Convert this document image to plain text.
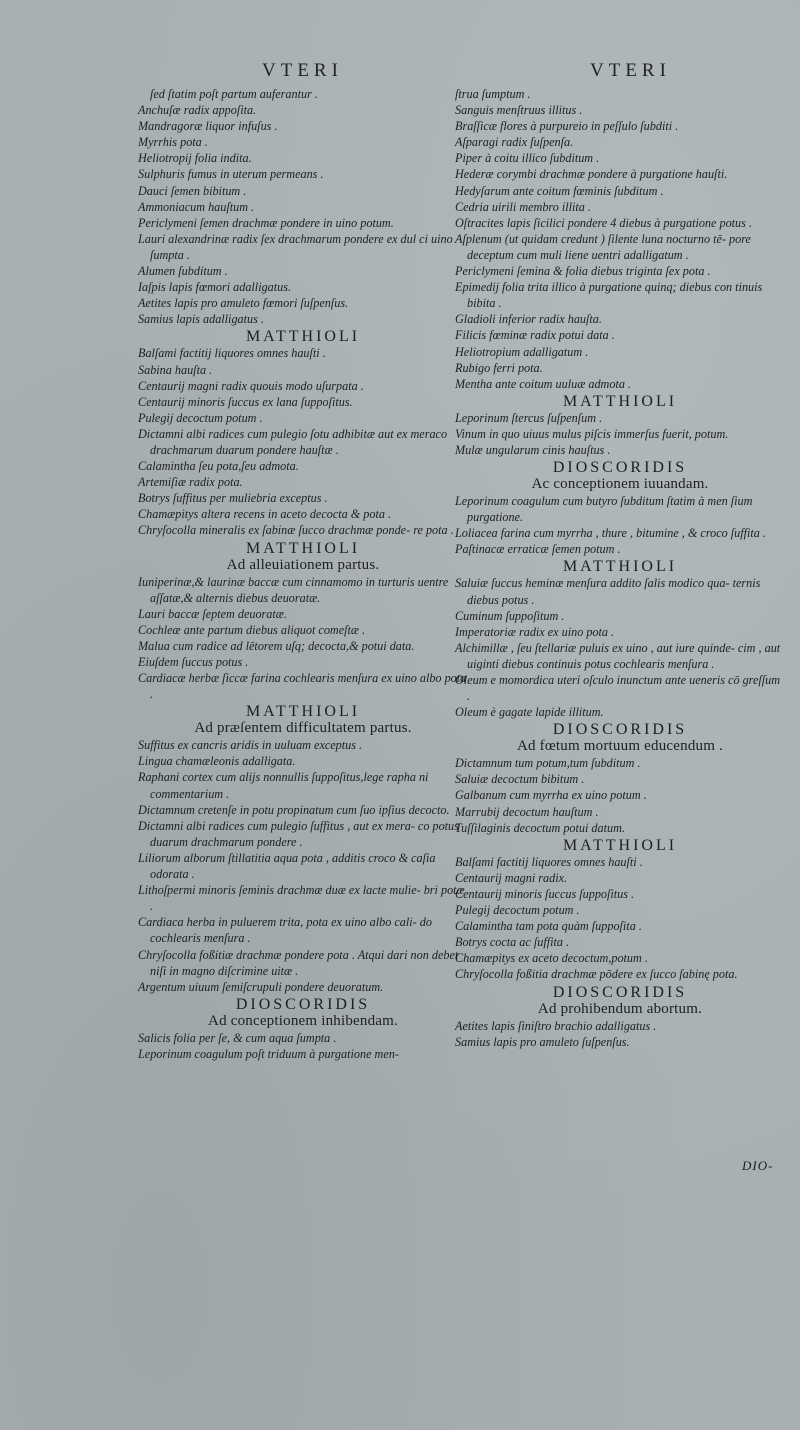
VTERI	VTERI
ſed ſtatim poſt partum auferantur .
Anchuſæ radix appoſita.
Mandragoræ liquor infuſus .
Myrrhis pota .
Heliotropij folia indita.
Sulphuris fumus in uterum permeans .
Dauci ſemen bibitum .
Ammoniacum hauſtum .
Periclymeni ſemen drachmæ pondere in uino potum.
Lauri alexandrinæ radix ſex drachmarum pondere ex dul ci uino ſumpta .
Alumen ſubditum .
Iaſpis lapis fœmori adalligatus.
Aetites lapis pro amuleto fœmori ſuſpenſus.
Samius lapis adalligatus .
MATTHIOLI
Balſami factitij liquores omnes hauſti .
Sabina hauſta .
Centaurij magni radix quouis modo uſurpata .
Centaurij minoris ſuccus ex lana ſuppoſitus.
Pulegij decoctum potum .
Dictamni albi radices cum pulegio ſotu adhibitæ aut ex meraco drachmarum duarum pondere hauſtæ .
Calamintha ſeu pota,ſeu admota.
Artemiſiæ radix pota.
Botrys ſuffitus per muliebria exceptus .
Chamæpitys altera recens in aceto decocta & pota .
Chryſocolla mineralis ex ſabinæ ſucco drachmæ ponde- re pota .
MATTHIOLI
Ad alleuiationem partus.
Iuniperinæ,& laurinæ baccæ cum cinnamomo in turturis uentre aſſatæ,& alternis diebus deuoratæ.
Lauri baccæ ſeptem deuoratæ.
Cochleæ ante partum diebus aliquot comeſtæ .
Malua cum radice ad lētorem uſq; decocta,& potui data.
Eiuſdem ſuccus potus .
Cardiacæ herbæ ſiccæ farina cochlearis menſura ex uino albo pota .
MATTHIOLI
Ad præſentem difficultatem partus.
Suffitus ex cancris aridis in uuluam exceptus .
Lingua chamæleonis adalligata.
Raphani cortex cum alijs nonnullis ſuppoſitus,lege rapha ni commentarium .
Dictamnum cretenſe in potu propinatum cum ſuo ipſius decocto.
Dictamni albi radices cum pulegio ſuffitus , aut ex mera- co potus duarum drachmarum pondere .
Liliorum alborum ſtillatitia aqua pota , additis croco & caſia odorata .
Lithoſpermi minoris ſeminis drachmæ duæ ex lacte mulie- bri potæ .
Cardiaca herba in puluerem trita, pota ex uino albo cali- do cochlearis menſura .
Chryſocolla foßitiæ drachmæ pondere pota . Atqui dari non debet niſi in magno diſcrimine uitæ .
Argentum uiuum ſemiſcrupuli pondere deuoratum.
DIOSCORIDIS
Ad conceptionem inhibendam.
Salicis folia per ſe, & cum aqua ſumpta .
Leporinum coagulum poſt triduum à purgatione men-
ſtrua ſumptum .
Sanguis menſtruus illitus .
Braſſicæ flores à purpureio in peſſulo ſubditi .
Aſparagi radix ſuſpenſa.
Piper à coitu illico ſubditum .
Hederæ corymbi drachmæ pondere à purgatione hauſti.
Hedyſarum ante coitum fœminis ſubditum .
Cedria uirili membro illita .
Oſtracites lapis ſicilici pondere 4 diebus à purgatione potus .
Aſplenum (ut quidam credunt ) ſilente luna nocturno tē- pore deceptum cum muli liene uentri adalligatum .
Periclymeni ſemina & folia diebus triginta ſex pota .
Epimedij folia trita illico à purgatione quinq; diebus con tinuis bibita .
Gladioli inferior radix hauſta.
Filicis fœminæ radix potui data .
Heliotropium adalligatum .
Rubigo ferri pota.
Mentha ante coitum uuluæ admota .
MATTHIOLI
Leporinum ſtercus ſuſpenſum .
Vinum in quo uiuus mulus piſcis immerſus fuerit, potum.
Mulæ ungularum cinis hauſtus .
DIOSCORIDIS
Ac conceptionem iuuandam.
Leporinum coagulum cum butyro ſubditum ſtatim à men ſium purgatione.
Loliacea farina cum myrrha , thure , bitumine , & croco ſuffita .
Paſtinacæ erraticæ ſemen potum .
MATTHIOLI
Saluiæ ſuccus heminæ menſura addito ſalis modico qua- ternis diebus potus .
Cuminum ſuppoſitum .
Imperatoriæ radix ex uino pota .
Alchimillæ , ſeu ſtellariæ puluis ex uino , aut iure quinde- cim , aut uiginti diebus continuis potus cochlearis menſura .
Oleum e momordica uteri oſculo inunctum ante ueneris cō greſſum .
Oleum è gagate lapide illitum.
DIOSCORIDIS
Ad fœtum mortuum educendum .
Dictamnum tum potum,tum ſubditum .
Saluiæ decoctum bibitum .
Galbanum cum myrrha ex uino potum .
Marrubij decoctum hauſtum .
Tuſſilaginis decoctum potui datum.
MATTHIOLI
Balſami factitij liquores omnes hauſti .
Centaurij magni radix.
Centaurij minoris ſuccus ſuppoſitus .
Pulegij decoctum potum .
Calamintha tam pota quàm ſuppoſita .
Botrys cocta ac ſuffita .
Chamæpitys ex aceto decoctum,potum .
Chryſocolla foßitia drachmæ pōdere ex ſucco ſabinę pota.
DIOSCORIDIS
Ad prohibendum abortum.
Aetites lapis ſiniſtro brachio adalligatus .
Samius lapis pro amuleto ſuſpenſus.
DIO-
